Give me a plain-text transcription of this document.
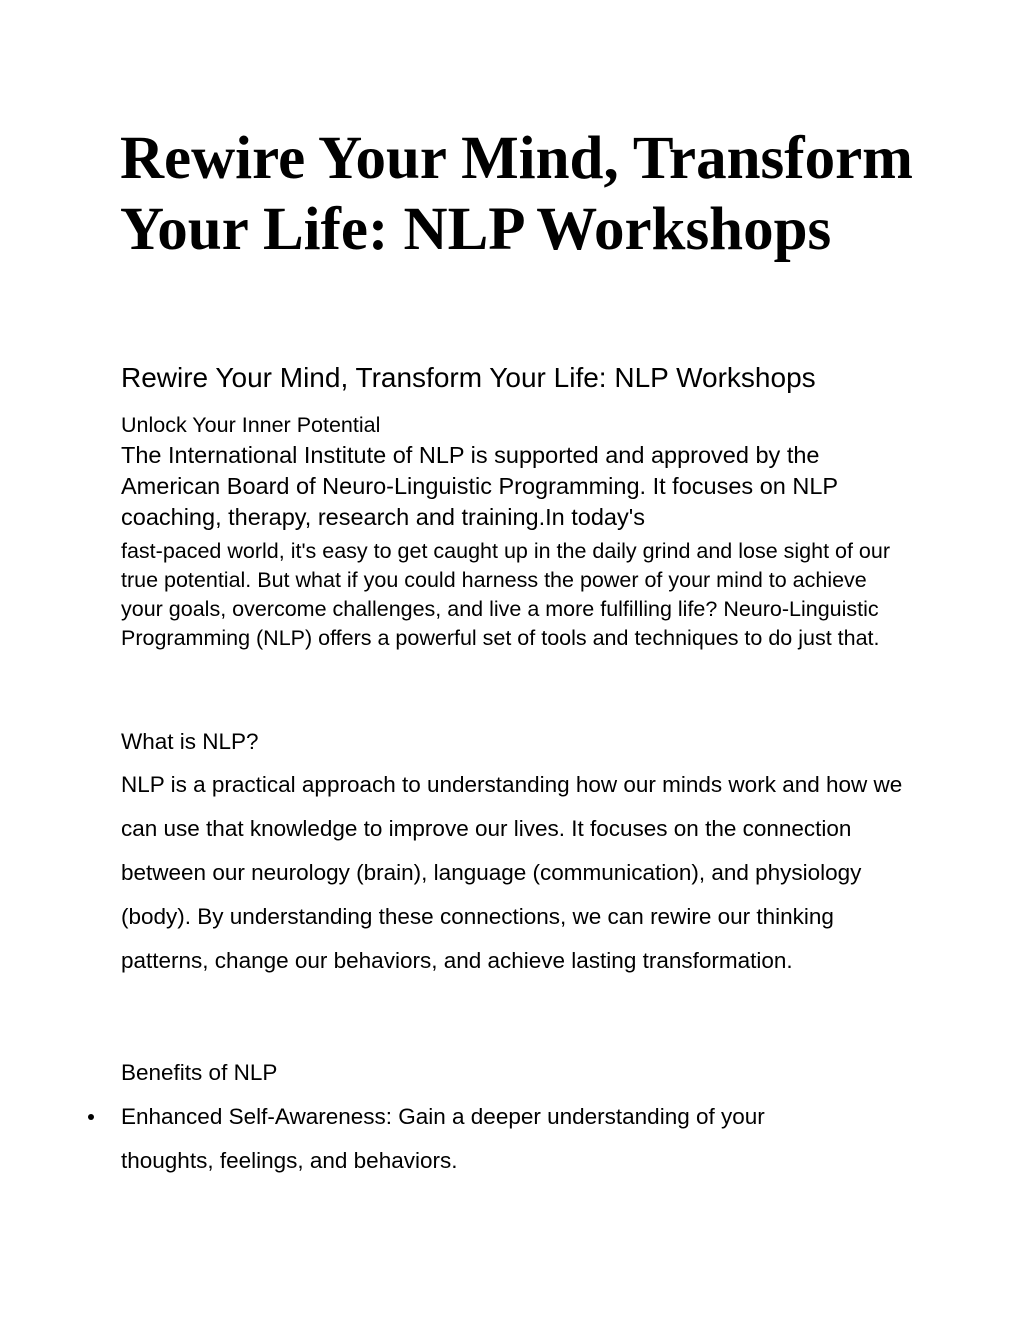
Rewire Your Mind, Transform Your Life: NLP Workshops
Rewire Your Mind, Transform Your Life: NLP Workshops
Unlock Your Inner Potential
The International Institute of NLP is supported and approved by the American Board of Neuro-Linguistic Programming. It focuses on NLP coaching, therapy, research and training.In today's
fast-paced world, it's easy to get caught up in the daily grind and lose sight of our true potential. But what if you could harness the power of your mind to achieve your goals, overcome challenges, and live a more fulfilling life? Neuro-Linguistic Programming (NLP) offers a powerful set of tools and techniques to do just that.
What is NLP?

NLP is a practical approach to understanding how our minds work and how we can use that knowledge to improve our lives. It focuses on the connection between our neurology (brain), language (communication), and physiology (body). By understanding these connections, we can rewire our thinking patterns, change our behaviors, and achieve lasting transformation.

Benefits of NLP
Enhanced Self-Awareness: Gain a deeper understanding of your thoughts, feelings, and behaviors.
